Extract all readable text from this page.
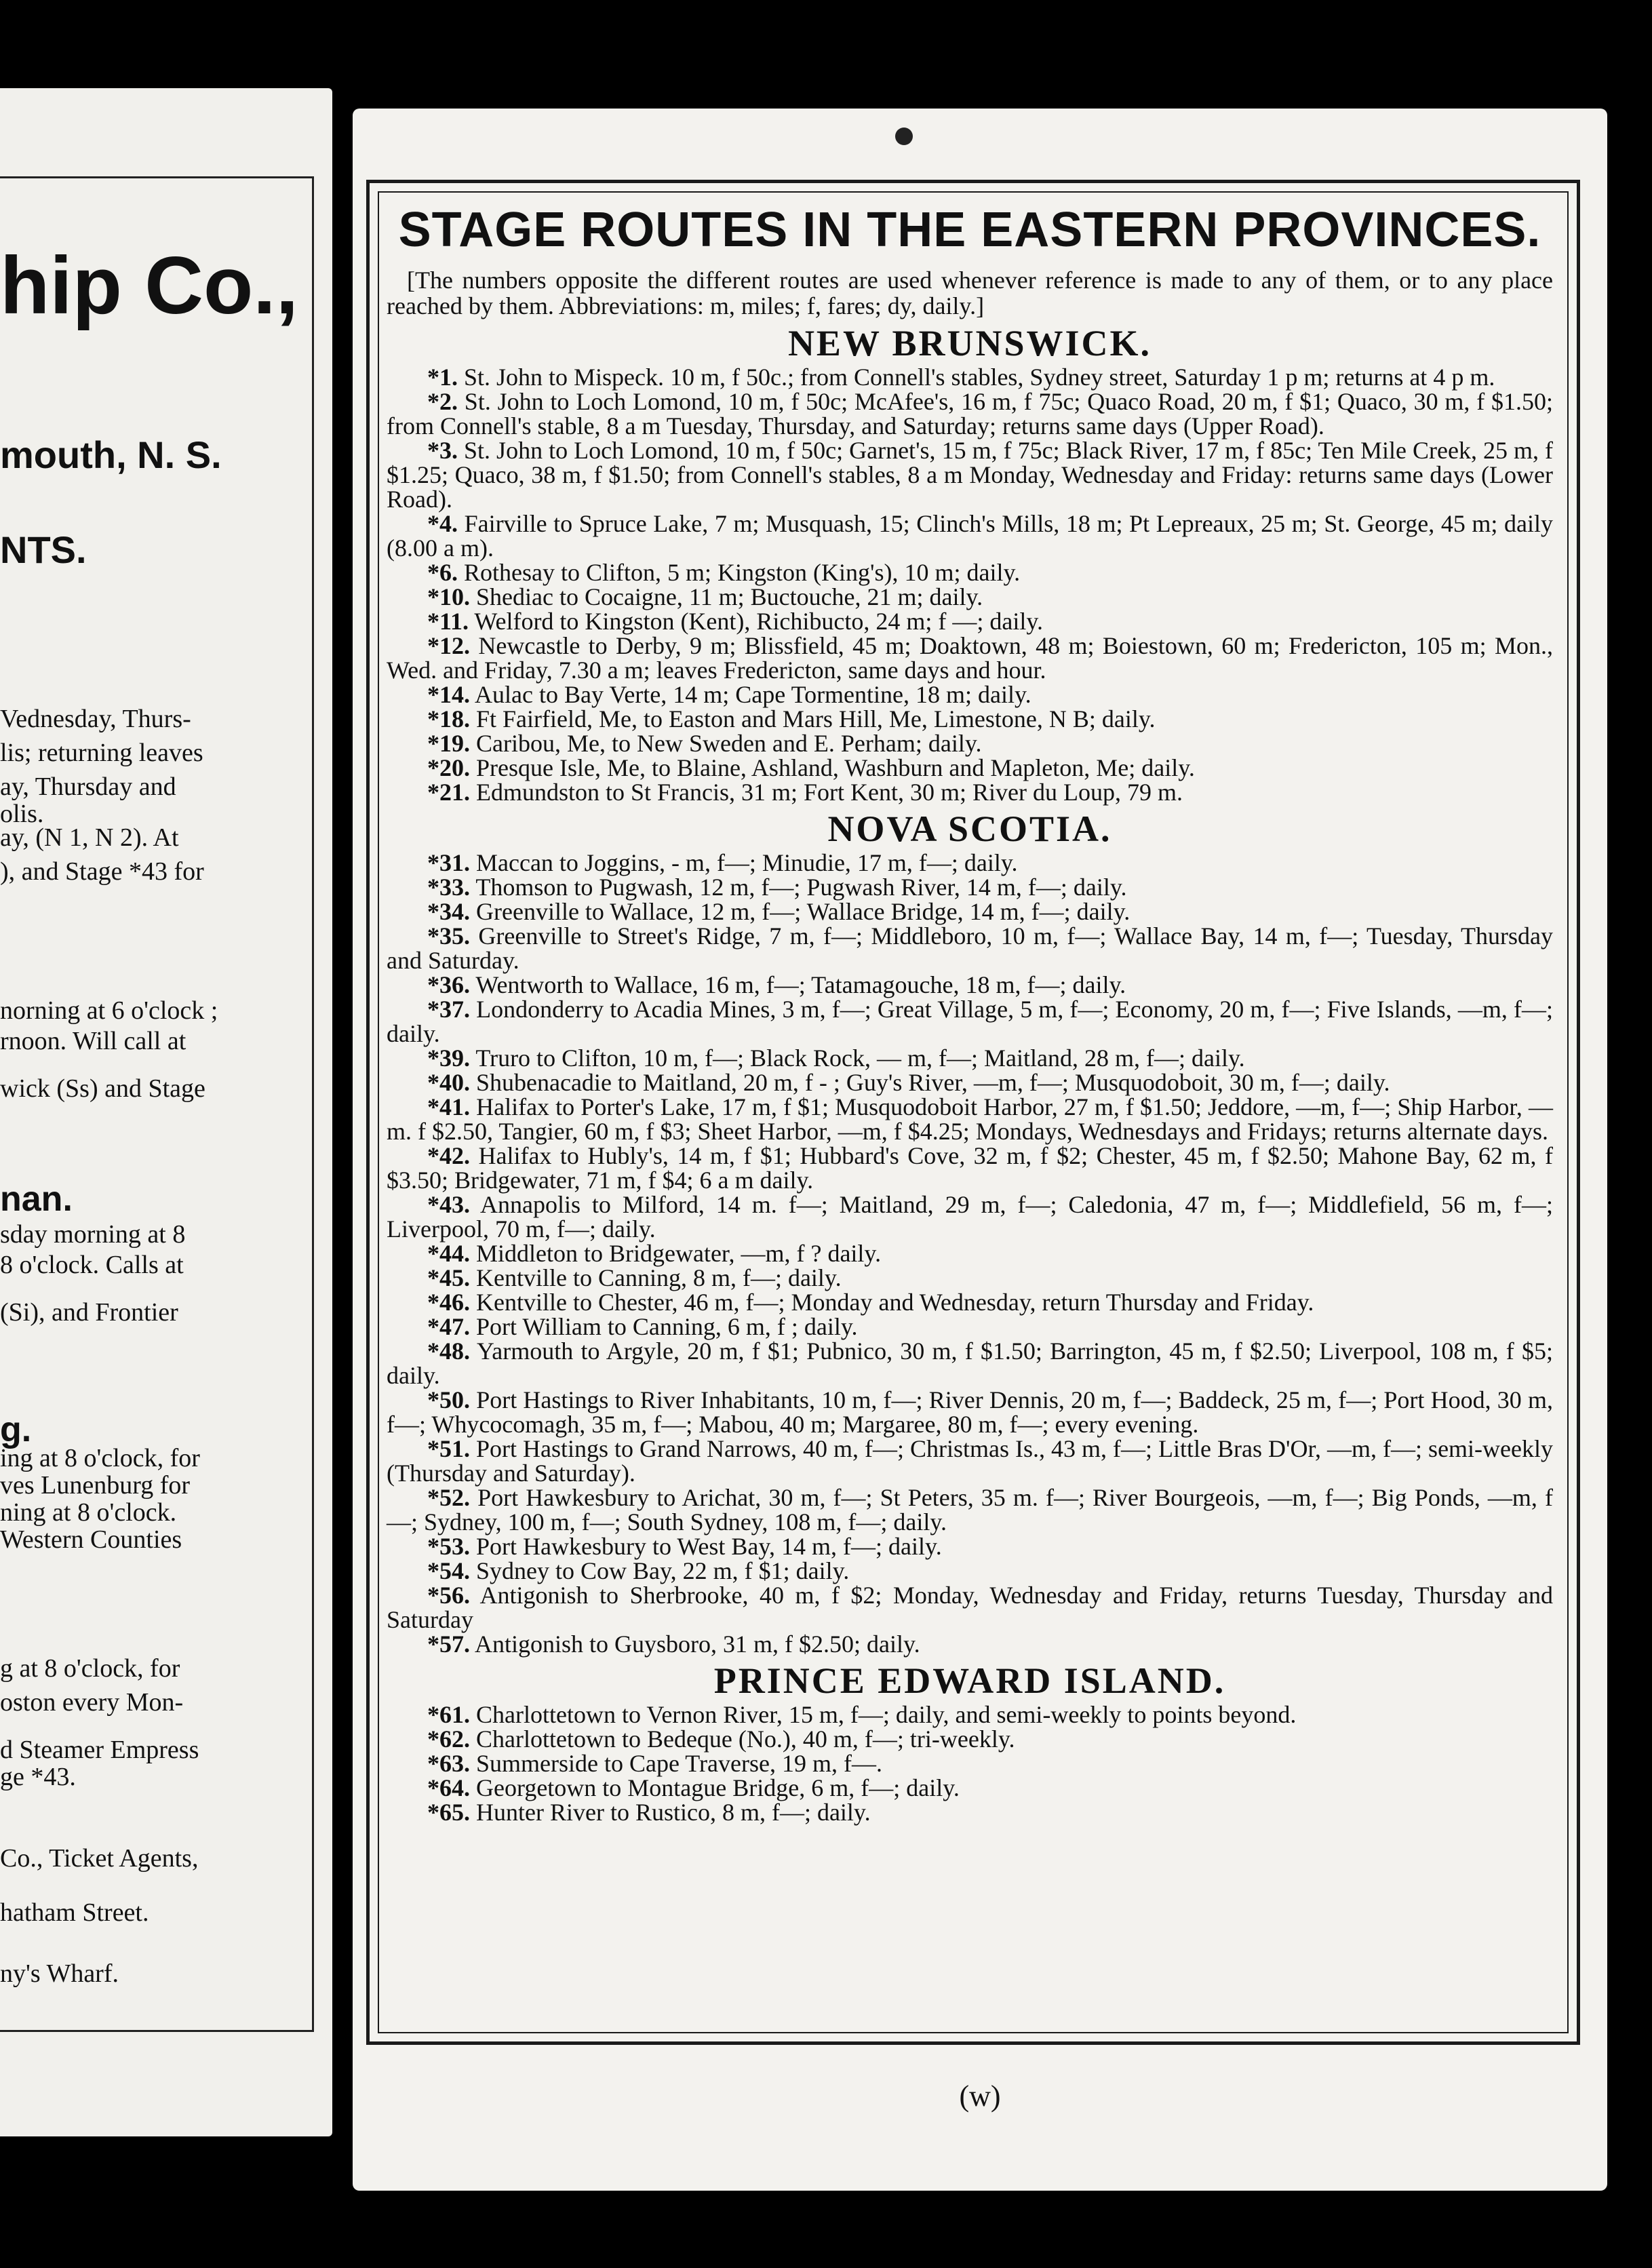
hip Co.,
mouth, N. S.
NTS.
Vednesday, Thurs-
lis; returning leaves
ay, Thursday and
olis.
ay, (N 1, N 2). At
), and Stage *43 for
norning at 6 o'clock ;
rnoon. Will call at
wick (Ss) and Stage
nan.
sday morning at 8
8 o'clock. Calls at
(Si), and Frontier
g.
ing at 8 o'clock, for
ves Lunenburg for
ning at 8 o'clock.
Western Counties
g at 8 o'clock, for
oston every Mon-
d Steamer Empress
ge *43.
Co., Ticket Agents,
hatham Street.
ny's Wharf.
STAGE ROUTES IN THE EASTERN PROVINCES.

[The numbers opposite the different routes are used whenever reference is made to any of them, or to any place reached by them. Abbreviations: m, miles; f, fares; dy, daily.]

NEW BRUNSWICK.

*1. St. John to Mispeck. 10 m, f 50c.; from Connell's stables, Sydney street, Saturday 1 p m; returns at 4 p m.

*2. St. John to Loch Lomond, 10 m, f 50c; McAfee's, 16 m, f 75c; Quaco Road, 20 m, f $1; Quaco, 30 m, f $1.50; from Connell's stable, 8 a m Tuesday, Thursday, and Saturday; returns same days (Upper Road).

*3. St. John to Loch Lomond, 10 m, f 50c; Garnet's, 15 m, f 75c; Black River, 17 m, f 85c; Ten Mile Creek, 25 m, f $1.25; Quaco, 38 m, f $1.50; from Connell's stables, 8 a m Monday, Wednesday and Friday: returns same days (Lower Road).

*4. Fairville to Spruce Lake, 7 m; Musquash, 15; Clinch's Mills, 18 m; Pt Lepreaux, 25 m; St. George, 45 m; daily (8.00 a m).

*6. Rothesay to Clifton, 5 m; Kingston (King's), 10 m; daily.

*10. Shediac to Cocaigne, 11 m; Buctouche, 21 m; daily.

*11. Welford to Kingston (Kent), Richibucto, 24 m; f —; daily.

*12. Newcastle to Derby, 9 m; Blissfield, 45 m; Doaktown, 48 m; Boiestown, 60 m; Fredericton, 105 m; Mon., Wed. and Friday, 7.30 a m; leaves Fredericton, same days and hour.

*14. Aulac to Bay Verte, 14 m; Cape Tormentine, 18 m; daily.

*18. Ft Fairfield, Me, to Easton and Mars Hill, Me, Limestone, N B; daily.

*19. Caribou, Me, to New Sweden and E. Perham; daily.

*20. Presque Isle, Me, to Blaine, Ashland, Washburn and Mapleton, Me; daily.

*21. Edmundston to St Francis, 31 m; Fort Kent, 30 m; River du Loup, 79 m.

NOVA SCOTIA.

*31. Maccan to Joggins, - m, f—; Minudie, 17 m, f—; daily.

*33. Thomson to Pugwash, 12 m, f—; Pugwash River, 14 m, f—; daily.

*34. Greenville to Wallace, 12 m, f—; Wallace Bridge, 14 m, f—; daily.

*35. Greenville to Street's Ridge, 7 m, f—; Middleboro, 10 m, f—; Wallace Bay, 14 m, f—; Tuesday, Thursday and Saturday.

*36. Wentworth to Wallace, 16 m, f—; Tatamagouche, 18 m, f—; daily.

*37. Londonderry to Acadia Mines, 3 m, f—; Great Village, 5 m, f—; Economy, 20 m, f—; Five Islands, —m, f—; daily.

*39. Truro to Clifton, 10 m, f—; Black Rock, — m, f—; Maitland, 28 m, f—; daily.

*40. Shubenacadie to Maitland, 20 m, f - ; Guy's River, —m, f—; Musquodoboit, 30 m, f—; daily.

*41. Halifax to Porter's Lake, 17 m, f $1; Musquodoboit Harbor, 27 m, f $1.50; Jeddore, —m, f—; Ship Harbor, —m. f $2.50, Tangier, 60 m, f $3; Sheet Harbor, —m, f $4.25; Mondays, Wednesdays and Fridays; returns alternate days.

*42. Halifax to Hubly's, 14 m, f $1; Hubbard's Cove, 32 m, f $2; Chester, 45 m, f $2.50; Mahone Bay, 62 m, f $3.50; Bridgewater, 71 m, f $4; 6 a m daily.

*43. Annapolis to Milford, 14 m. f—; Maitland, 29 m, f—; Caledonia, 47 m, f—; Middlefield, 56 m, f—; Liverpool, 70 m, f—; daily.

*44. Middleton to Bridgewater, —m, f ? daily.

*45. Kentville to Canning, 8 m, f—; daily.

*46. Kentville to Chester, 46 m, f—; Monday and Wednesday, return Thursday and Friday.

*47. Port William to Canning, 6 m, f ; daily.

*48. Yarmouth to Argyle, 20 m, f $1; Pubnico, 30 m, f $1.50; Barrington, 45 m, f $2.50; Liverpool, 108 m, f $5; daily.

*50. Port Hastings to River Inhabitants, 10 m, f—; River Dennis, 20 m, f—; Baddeck, 25 m, f—; Port Hood, 30 m, f—; Whycocomagh, 35 m, f—; Mabou, 40 m; Margaree, 80 m, f—; every evening.

*51. Port Hastings to Grand Narrows, 40 m, f—; Christmas Is., 43 m, f—; Little Bras D'Or, —m, f—; semi-weekly (Thursday and Saturday).

*52. Port Hawkesbury to Arichat, 30 m, f—; St Peters, 35 m. f—; River Bourgeois, —m, f—; Big Ponds, —m, f—; Sydney, 100 m, f—; South Sydney, 108 m, f—; daily.

*53. Port Hawkesbury to West Bay, 14 m, f—; daily.

*54. Sydney to Cow Bay, 22 m, f $1; daily.

*56. Antigonish to Sherbrooke, 40 m, f $2; Monday, Wednesday and Friday, returns Tuesday, Thursday and Saturday

*57. Antigonish to Guysboro, 31 m, f $2.50; daily.

PRINCE EDWARD ISLAND.

*61. Charlottetown to Vernon River, 15 m, f—; daily, and semi-weekly to points beyond.

*62. Charlottetown to Bedeque (No.), 40 m, f—; tri-weekly.

*63. Summerside to Cape Traverse, 19 m, f—.

*64. Georgetown to Montague Bridge, 6 m, f—; daily.

*65. Hunter River to Rustico, 8 m, f—; daily.

(w)
